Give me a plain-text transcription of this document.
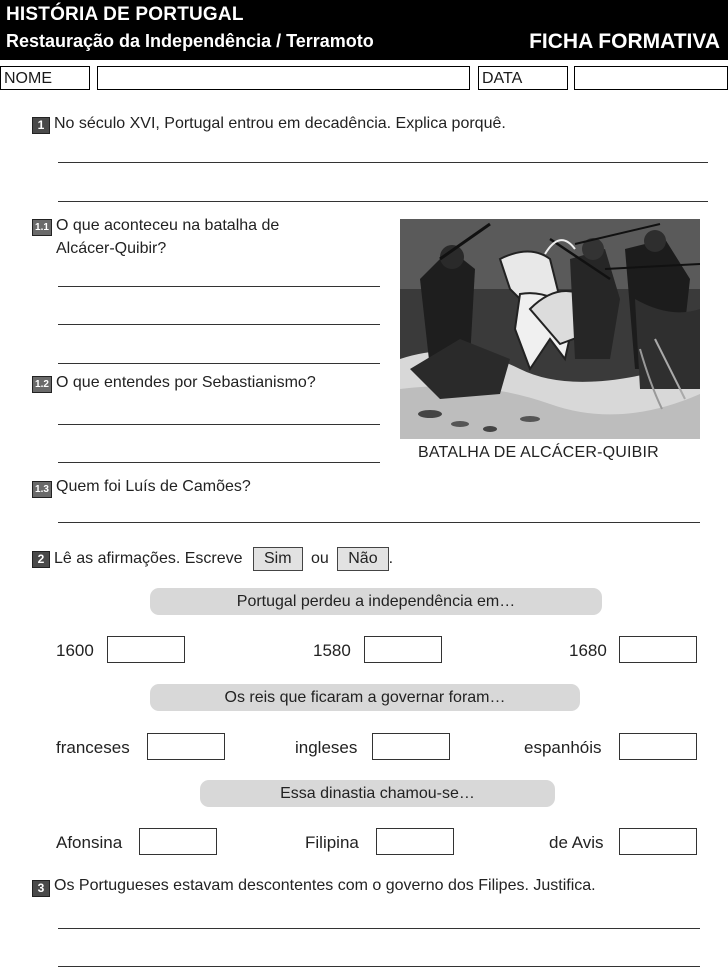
HISTÓRIA DE PORTUGAL
Restauração da Independência / Terramoto	FICHA FORMATIVA
NOME	DATA
1 No século XVI, Portugal entrou em decadência. Explica porquê.
1.1 O que aconteceu na batalha de
Alcácer-Quibir?
1.2 O que entendes por Sebastianismo?
BATALHA DE ALCÁCER-QUIBIR
1.3 Quem foi Luís de Camões?
2 Lê as afirmações. Escreve Sim ou Não .
Portugal perdeu a independência em…
1600	1580	1680
Os reis que ficaram a governar foram…
franceses	ingleses	espanhóis
Essa dinastia chamou-se…
Afonsina	Filipina	de Avis
3 Os Portugueses estavam descontentes com o governo dos Filipes. Justifica.
